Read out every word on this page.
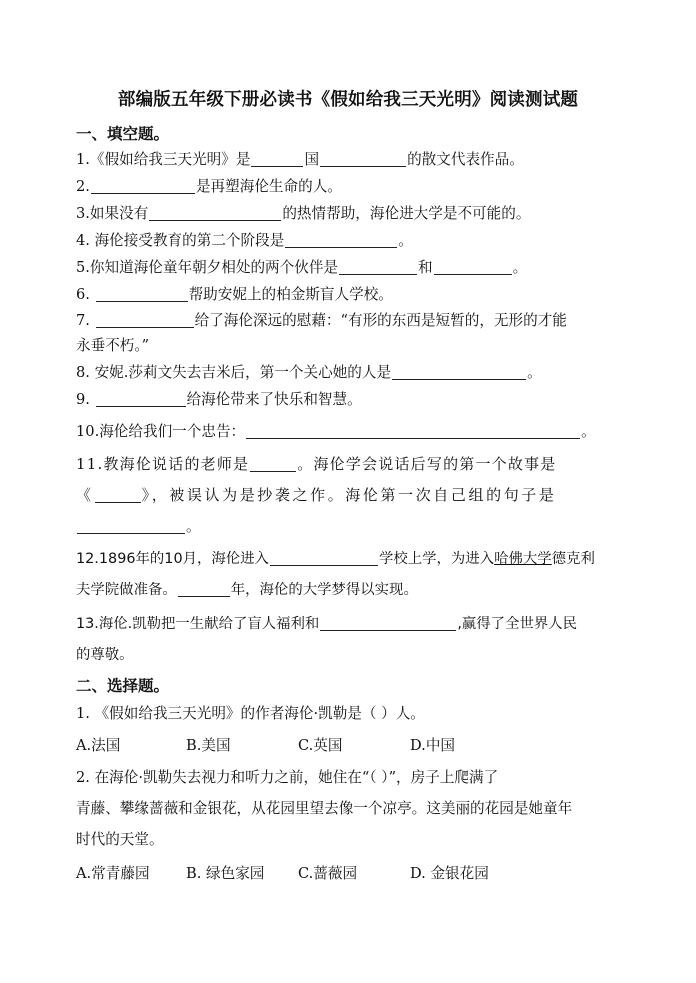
部编版五年级下册必读书《假如给我三天光明》阅读测试题
一、填空题。
1.《假如给我三天光明》是	国	的散文代表作品。
2.	是再塑海伦生命的人。
3.如果没有	的热情帮助，海伦进大学是不可能的。
4. 海伦接受教育的第二个阶段是	。
5.你知道海伦童年朝夕相处的两个伙伴是	和	。
6.	帮助安妮上的柏金斯盲人学校。
7.	给了海伦深远的慰藉：“有形的东西是短暂的，无形的才能
永垂不朽。”
8. 安妮.莎莉文失去吉米后，第一个关心她的人是	。
9.	给海伦带来了快乐和智慧。
10.海伦给我们一个忠告：	。
11.教海伦说话的老师是	。海伦学会说话后写的第一个故事是
《	》，被误认为是抄袭之作。海伦第一次自己组的句子是
。
12.1896年的10月，海伦进入	学校上学，为进入哈佛大学德克利
夫学院做准备。	年，海伦的大学梦得以实现。
13.海伦.凯勒把一生献给了盲人福利和	,赢得了全世界人民
的尊敬。
二、选择题。
1. 《假如给我三天光明》的作者海伦·凯勒是（ ）人。
A.法国	B.美国	C.英国	D.中国
2. 在海伦·凯勒失去视力和听力之前，她住在“（ ）”，房子上爬满了
青藤、攀缘蔷薇和金银花，从花园里望去像一个凉亭。这美丽的花园是她童年
时代的天堂。
A.常青藤园 B. 绿色家园 C.蔷薇园	D. 金银花园
